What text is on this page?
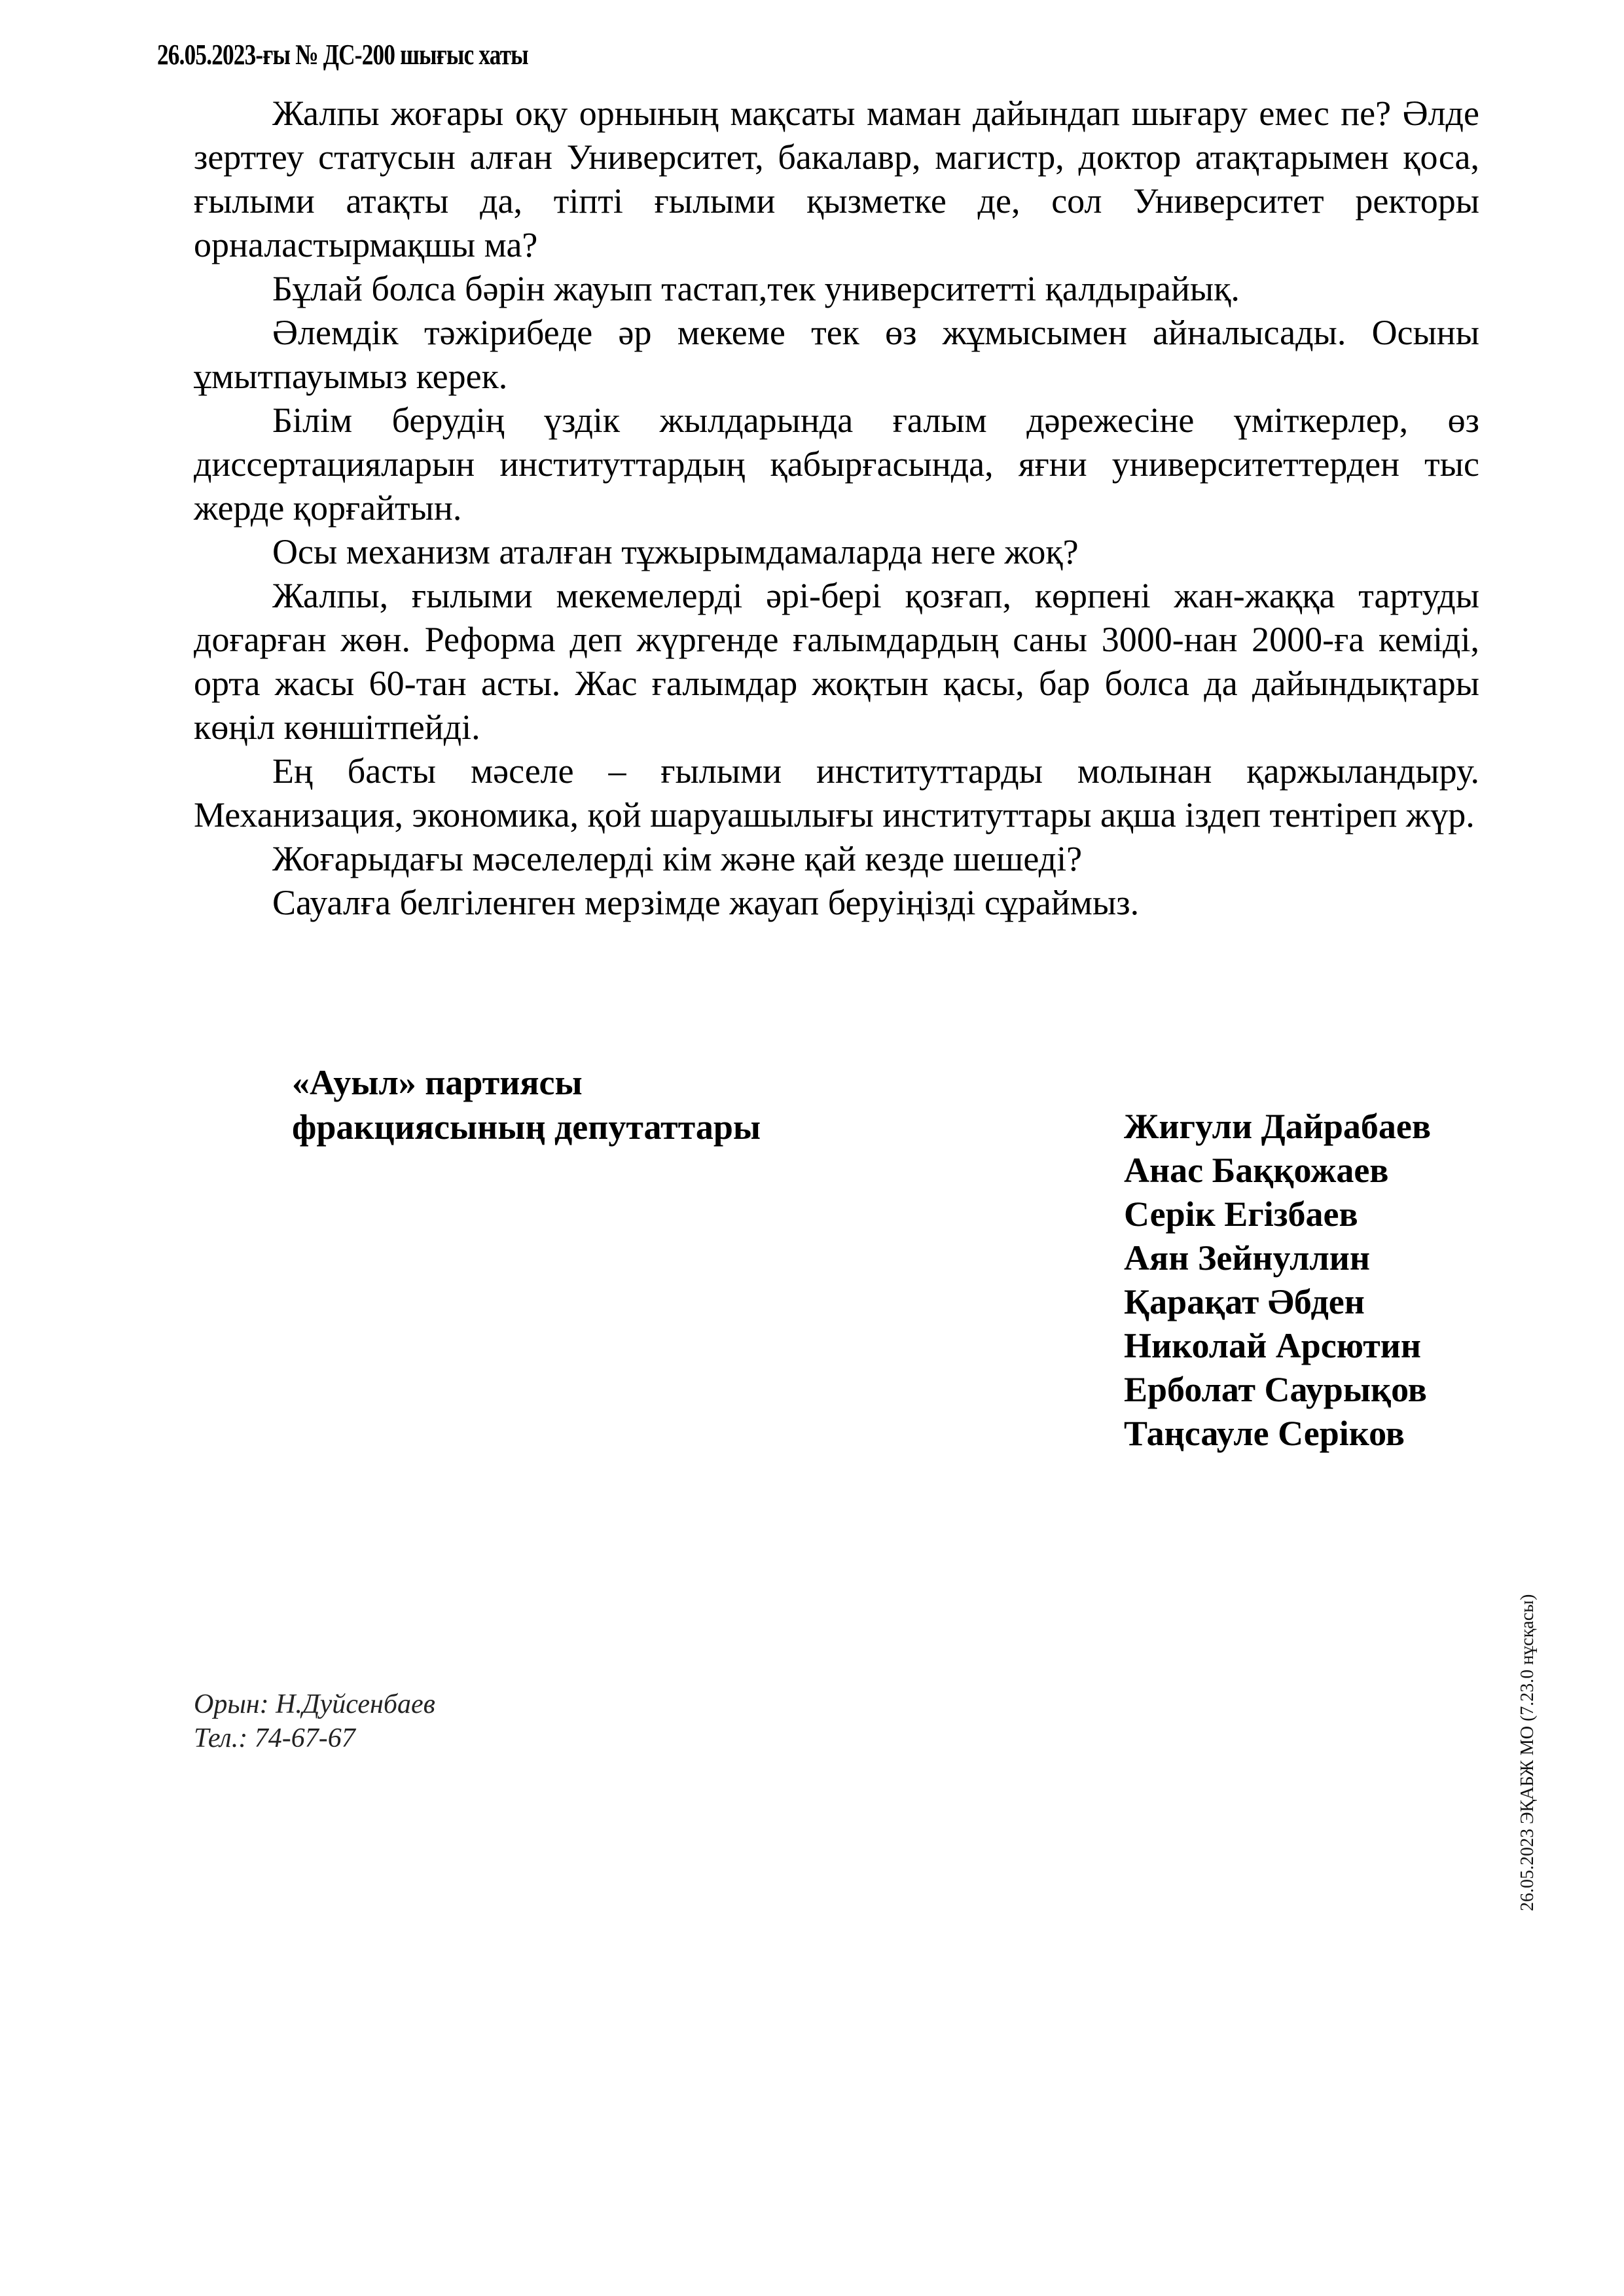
26.05.2023-ғы № ДС-200 шығыс хаты

Жалпы жоғары оқу орнының мақсаты маман дайындап шығару емес пе? Әлде зерттеу статусын алған Университет, бакалавр, магистр, доктор атақтарымен қоса, ғылыми атақты да, тіпті ғылыми қызметке де, сол Университет ректоры орналастырмақшы ма?

Бұлай болса бәрін жауып тастап,тек университетті қалдырайық.

Әлемдік тәжірибеде әр мекеме тек өз жұмысымен айналысады. Осыны ұмытпауымыз керек.

Білім берудің үздік жылдарында ғалым дәрежесіне үміткерлер, өз диссертацияларын институттардың қабырғасында, яғни университеттерден тыс жерде қорғайтын.

Осы механизм аталған тұжырымдамаларда неге жоқ?

Жалпы, ғылыми мекемелерді әрі-бері қозғап, көрпені жан-жаққа тартуды доғарған жөн. Реформа деп жүргенде ғалымдардың саны 3000-нан 2000-ға кеміді, орта жасы 60-тан асты. Жас ғалымдар жоқтын қасы, бар болса да дайындықтары көңіл көншітпейді.

Ең басты мәселе – ғылыми институттарды молынан қаржыландыру. Механизация, экономика, қой шаруашылығы институттары ақша іздеп тентіреп жүр.

Жоғарыдағы мәселелерді кім және қай кезде шешеді?

Сауалға белгіленген мерзімде жауап беруіңізді сұраймыз.

«Ауыл» партиясы
фракциясының депутаттары	Жигули Дайрабаев
Анас Баққожаев
Серік Егізбаев
Аян Зейнуллин
Қарақат Әбден
Николай Арсютин
Ерболат Саурықов
Таңсауле Серіков
Орын: Н.Дуйсенбаев
Тел.: 74-67-67	26.05.2023 ЭҚАБЖ МО (7.23.0 нұсқасы)
